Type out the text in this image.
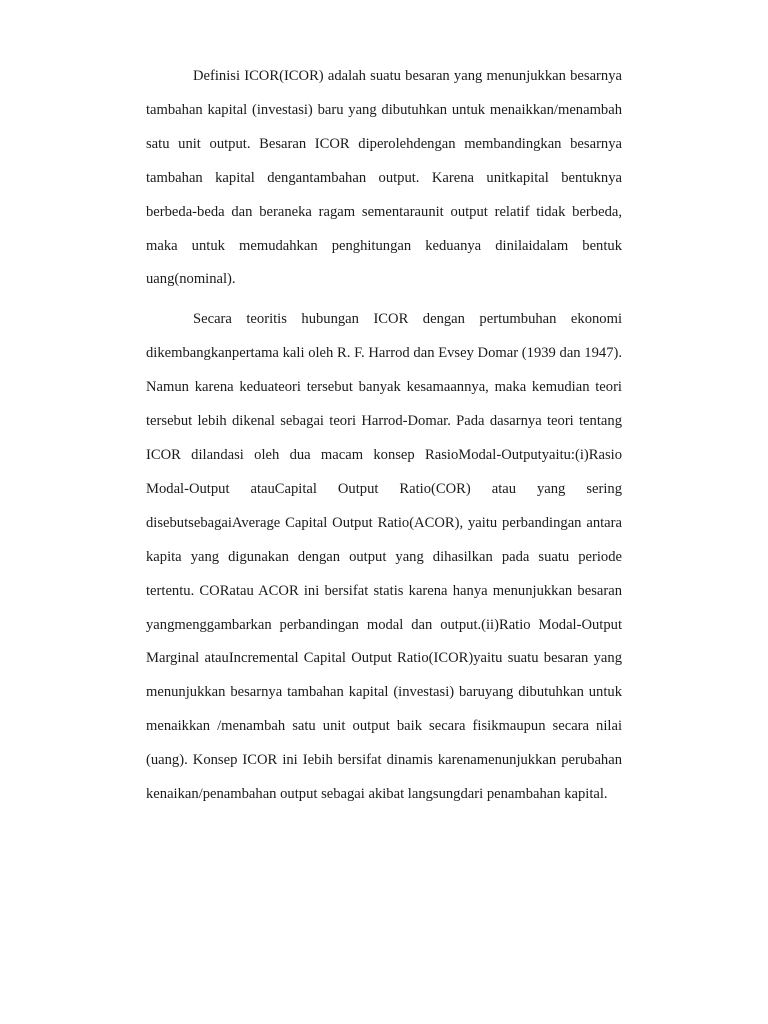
Definisi ICOR(ICOR) adalah suatu besaran yang menunjukkan besarnya tambahan kapital (investasi) baru yang dibutuhkan untuk menaikkan/menambah satu unit output. Besaran ICOR diperolehdengan membandingkan besarnya tambahan kapital dengantambahan output. Karena unitkapital bentuknya berbeda-beda dan beraneka ragam sementaraunit output relatif tidak berbeda, maka untuk memudahkan penghitungan keduanya dinilaidalam bentuk uang(nominal).

Secara teoritis hubungan ICOR dengan pertumbuhan ekonomi dikembangkanpertama kali oleh R. F. Harrod dan Evsey Domar (1939 dan 1947). Namun karena keduateori tersebut banyak kesamaannya, maka kemudian teori tersebut lebih dikenal sebagai teori Harrod-Domar. Pada dasarnya teori tentang ICOR dilandasi oleh dua macam konsep RasioModal-Outputyaitu:(i)Rasio Modal-Output atauCapital Output Ratio(COR) atau yang sering disebutsebagaiAverage Capital Output Ratio(ACOR), yaitu perbandingan antara kapita yang digunakan dengan output yang dihasilkan pada suatu periode tertentu. CORatau ACOR ini bersifat statis karena hanya menunjukkan besaran yangmenggambarkan perbandingan modal dan output.(ii)Ratio Modal-Output Marginal atauIncremental Capital Output Ratio(ICOR)yaitu suatu besaran yang menunjukkan besarnya tambahan kapital (investasi) baruyang dibutuhkan untuk menaikkan /menambah satu unit output baik secara fisikmaupun secara nilai (uang). Konsep ICOR ini Iebih bersifat dinamis karenamenunjukkan perubahan kenaikan/penambahan output sebagai akibat langsungdari penambahan kapital.
